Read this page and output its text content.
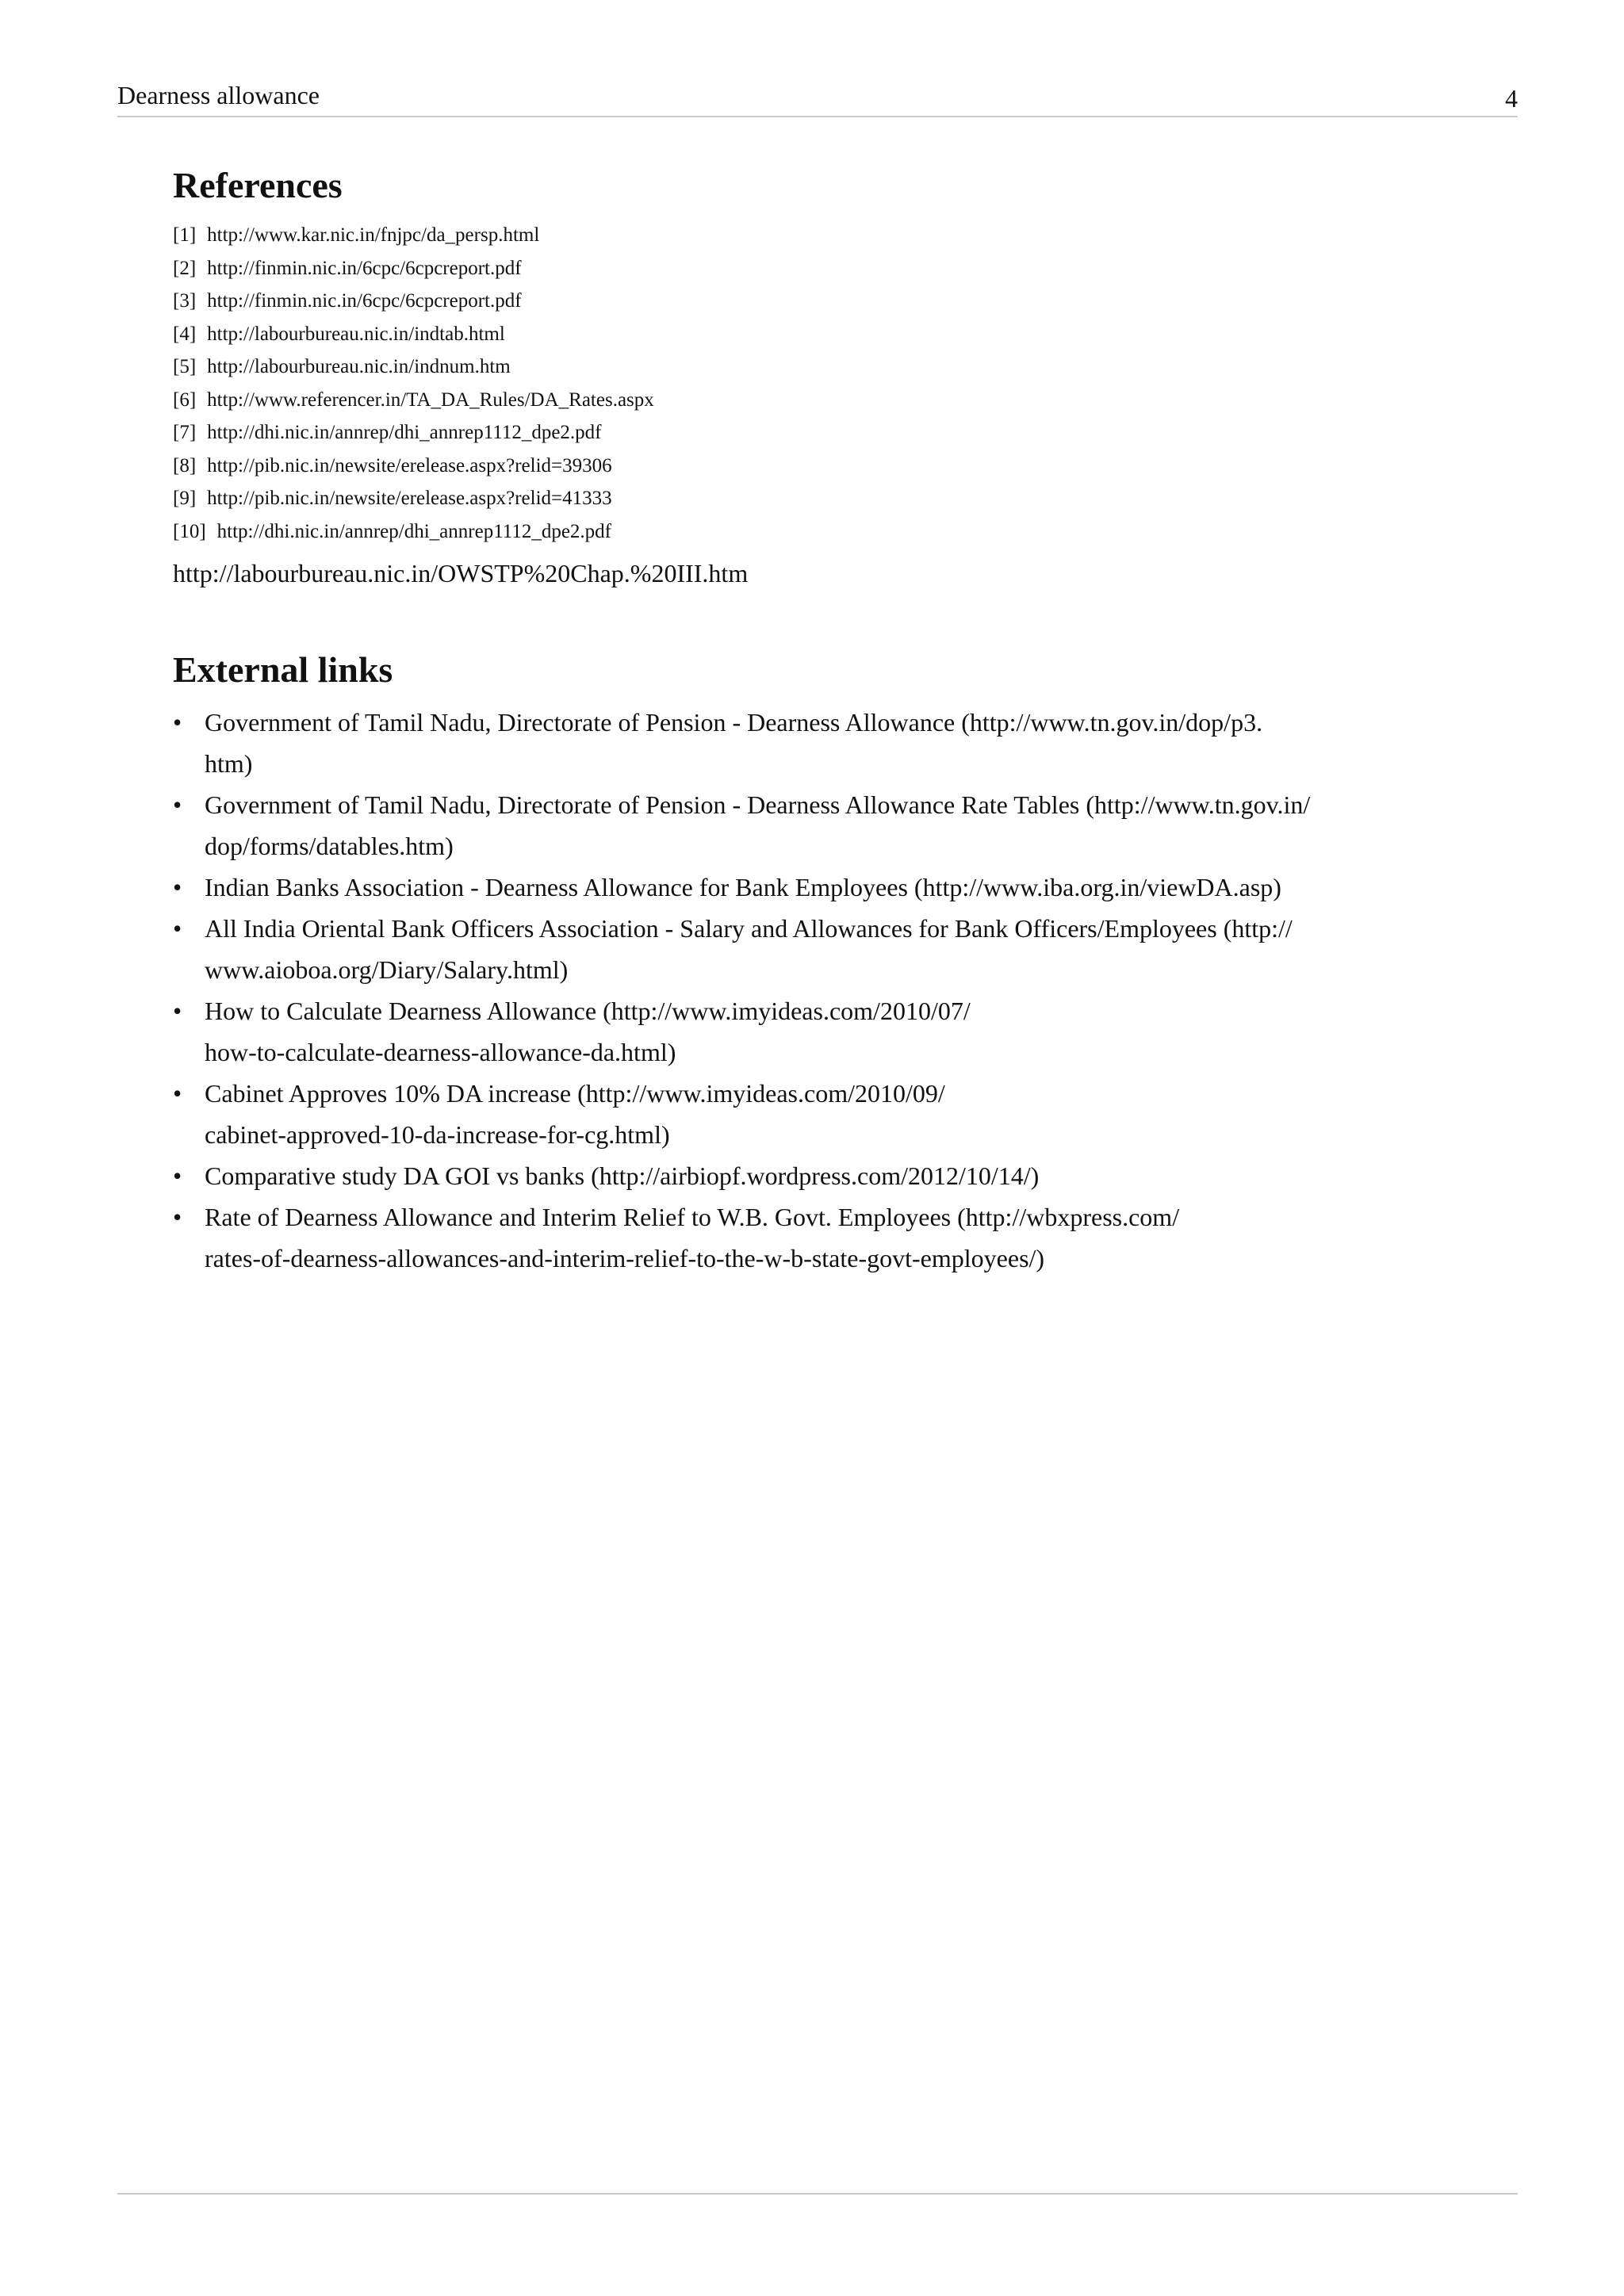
Dearness allowance	4
References
[1] http://www.kar.nic.in/fnjpc/da_persp.html
[2] http://finmin.nic.in/6cpc/6cpcreport.pdf
[3] http://finmin.nic.in/6cpc/6cpcreport.pdf
[4] http://labourbureau.nic.in/indtab.html
[5] http://labourbureau.nic.in/indnum.htm
[6] http://www.referencer.in/TA_DA_Rules/DA_Rates.aspx
[7] http://dhi.nic.in/annrep/dhi_annrep1112_dpe2.pdf
[8] http://pib.nic.in/newsite/erelease.aspx?relid=39306
[9] http://pib.nic.in/newsite/erelease.aspx?relid=41333
[10] http://dhi.nic.in/annrep/dhi_annrep1112_dpe2.pdf
http://labourbureau.nic.in/OWSTP%20Chap.%20III.htm
External links
• Government of Tamil Nadu, Directorate of Pension - Dearness Allowance (http://www.tn.gov.in/dop/p3.
htm)
• Government of Tamil Nadu, Directorate of Pension - Dearness Allowance Rate Tables (http://www.tn.gov.in/
dop/forms/datables.htm)
• Indian Banks Association - Dearness Allowance for Bank Employees (http://www.iba.org.in/viewDA.asp)
• All India Oriental Bank Officers Association - Salary and Allowances for Bank Officers/Employees (http://
www.aioboa.org/Diary/Salary.html)
• How to Calculate Dearness Allowance (http://www.imyideas.com/2010/07/
how-to-calculate-dearness-allowance-da.html)
• Cabinet Approves 10% DA increase (http://www.imyideas.com/2010/09/
cabinet-approved-10-da-increase-for-cg.html)
• Comparative study DA GOI vs banks (http://airbiopf.wordpress.com/2012/10/14/)
• Rate of Dearness Allowance and Interim Relief to W.B. Govt. Employees (http://wbxpress.com/
rates-of-dearness-allowances-and-interim-relief-to-the-w-b-state-govt-employees/)
